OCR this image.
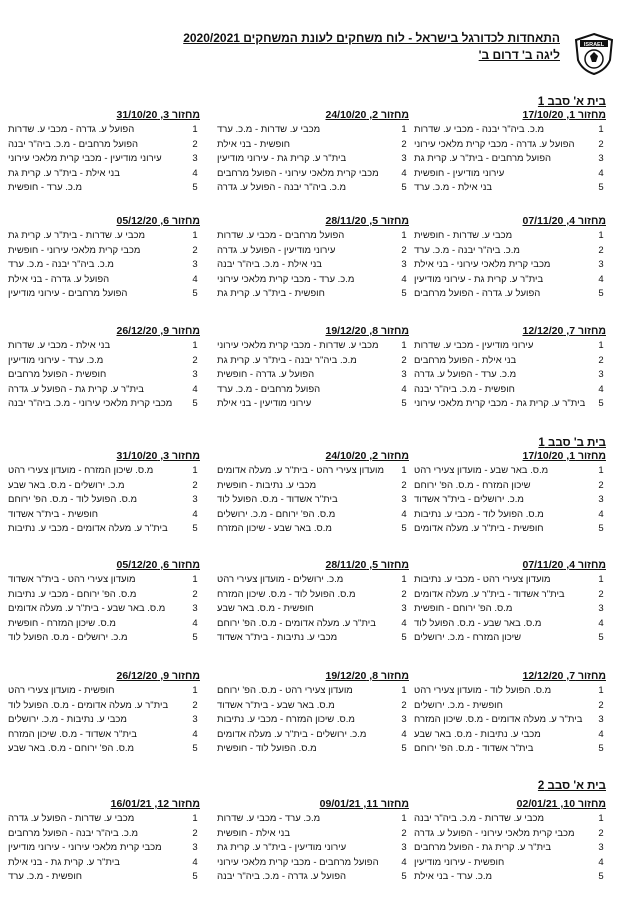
התאחדות לכדורגל בישראל - לוח משחקים לעונת המשחקים 2020/2021
ליגה ב' דרום ב'
ISRAEL
בית א' סבב 1
מחזור 1, 17/10/20
1
מ.כ. ביה"ר יבנה - מכבי ע. שדרות
2
הפועל ע. גדרה - מכבי קרית מלאכי עירוני
3
הפועל מרחבים - בית"ר ע. קרית גת
4
עירוני מודיעין - חופשית
5
בני אילת - מ.כ. ערד
מחזור 2, 24/10/20
1
מכבי ע. שדרות - מ.כ. ערד
2
חופשית - בני אילת
3
בית"ר ע. קרית גת - עירוני מודיעין
4
מכבי קרית מלאכי עירוני - הפועל מרחבים
5
מ.כ. ביה"ר יבנה - הפועל ע. גדרה
מחזור 3, 31/10/20
1
הפועל ע. גדרה - מכבי ע. שדרות
2
הפועל מרחבים - מ.כ. ביה"ר יבנה
3
עירוני מודיעין - מכבי קרית מלאכי עירוני
4
בני אילת - בית"ר ע. קרית גת
5
מ.כ. ערד - חופשית
מחזור 4, 07/11/20
1
מכבי ע. שדרות - חופשית
2
מ.כ. ביה"ר יבנה - מ.כ. ערד
3
מכבי קרית מלאכי עירוני - בני אילת
4
בית"ר ע. קרית גת - עירוני מודיעין
5
הפועל ע. גדרה - הפועל מרחבים
מחזור 5, 28/11/20
1
הפועל מרחבים - מכבי ע. שדרות
2
עירוני מודיעין - הפועל ע. גדרה
3
בני אילת - מ.כ. ביה"ר יבנה
4
מ.כ. ערד - מכבי קרית מלאכי עירוני
5
חופשית - בית"ר ע. קרית גת
מחזור 6, 05/12/20
1
מכבי ע. שדרות - בית"ר ע. קרית גת
2
מכבי קרית מלאכי עירוני - חופשית
3
מ.כ. ביה"ר יבנה - מ.כ. ערד
4
הפועל ע. גדרה - בני אילת
5
הפועל מרחבים - עירוני מודיעין
מחזור 7, 12/12/20
1
עירוני מודיעין - מכבי ע. שדרות
2
בני אילת - הפועל מרחבים
3
מ.כ. ערד - הפועל ע. גדרה
4
חופשית - מ.כ. ביה"ר יבנה
5
בית"ר ע. קרית גת - מכבי קרית מלאכי עירוני
מחזור 8, 19/12/20
1
מכבי ע. שדרות - מכבי קרית מלאכי עירוני
2
מ.כ. ביה"ר יבנה - בית"ר ע. קרית גת
3
הפועל ע. גדרה - חופשית
4
הפועל מרחבים - מ.כ. ערד
5
עירוני מודיעין - בני אילת
מחזור 9, 26/12/20
1
בני אילת - מכבי ע. שדרות
2
מ.כ. ערד - עירוני מודיעין
3
חופשית - הפועל מרחבים
4
בית"ר ע. קרית גת - הפועל ע. גדרה
5
מכבי קרית מלאכי עירוני - מ.כ. ביה"ר יבנה
בית ב' סבב 1
מחזור 1, 17/10/20
1
מ.ס. באר שבע - מועדון צעירי רהט
2
שיכון המזרח - מ.ס. הפ' ירוחם
3
מ.כ. ירושלים - בית"ר אשדוד
4
מ.ס. הפועל לוד - מכבי ע. נתיבות
5
חופשית - בית"ר ע. מעלה אדומים
מחזור 2, 24/10/20
1
מועדון צעירי רהט - בית"ר ע. מעלה אדומים
2
מכבי ע. נתיבות - חופשית
3
בית"ר אשדוד - מ.ס. הפועל לוד
4
מ.ס. הפ' ירוחם - מ.כ. ירושלים
5
מ.ס. באר שבע - שיכון המזרח
מחזור 3, 31/10/20
1
מ.ס. שיכון המזרח - מועדון צעירי רהט
2
מ.כ. ירושלים - מ.ס. באר שבע
3
מ.ס. הפועל לוד - מ.ס. הפ' ירוחם
4
חופשית - בית"ר אשדוד
5
בית"ר ע. מעלה אדומים - מכבי ע. נתיבות
מחזור 4, 07/11/20
1
מועדון צעירי רהט - מכבי ע. נתיבות
2
בית"ר אשדוד - בית"ר ע. מעלה אדומים
3
מ.ס. הפ' ירוחם - חופשית
4
מ.ס. באר שבע - מ.ס. הפועל לוד
5
שיכון המזרח - מ.כ. ירושלים
מחזור 5, 28/11/20
1
מ.כ. ירושלים - מועדון צעירי רהט
2
מ.ס. הפועל לוד - מ.ס. שיכון המזרח
3
חופשית - מ.ס. באר שבע
4
בית"ר ע. מעלה אדומים - מ.ס. הפ' ירוחם
5
מכבי ע. נתיבות - בית"ר אשדוד
מחזור 6, 05/12/20
1
מועדון צעירי רהט - בית"ר אשדוד
2
מ.ס. הפ' ירוחם - מכבי ע. נתיבות
3
מ.ס. באר שבע - בית"ר ע. מעלה אדומים
4
מ.ס. שיכון המזרח - חופשית
5
מ.כ. ירושלים - מ.ס. הפועל לוד
מחזור 7, 12/12/20
1
מ.ס. הפועל לוד - מועדון צעירי רהט
2
חופשית - מ.כ. ירושלים
3
בית"ר ע. מעלה אדומים - מ.ס. שיכון המזרח
4
מכבי ע. נתיבות - מ.ס. באר שבע
5
בית"ר אשדוד - מ.ס. הפ' ירוחם
מחזור 8, 19/12/20
1
מועדון צעירי רהט - מ.ס. הפ' ירוחם
2
מ.ס. באר שבע - בית"ר אשדוד
3
מ.ס. שיכון המזרח - מכבי ע. נתיבות
4
מ.כ. ירושלים - בית"ר ע. מעלה אדומים
5
מ.ס. הפועל לוד - חופשית
מחזור 9, 26/12/20
1
חופשית - מועדון צעירי רהט
2
בית"ר ע. מעלה אדומים - מ.ס. הפועל לוד
3
מכבי ע. נתיבות - מ.כ. ירושלים
4
בית"ר אשדוד - מ.ס. שיכון המזרח
5
מ.ס. הפ' ירוחם - מ.ס. באר שבע
בית א' סבב 2
מחזור 10, 02/01/21
1
מכבי ע. שדרות - מ.כ. ביה"ר יבנה
2
מכבי קרית מלאכי עירוני - הפועל ע. גדרה
3
בית"ר ע. קרית גת - הפועל מרחבים
4
חופשית - עירוני מודיעין
5
מ.כ. ערד - בני אילת
מחזור 11, 09/01/21
1
מ.כ. ערד - מכבי ע. שדרות
2
בני אילת - חופשית
3
עירוני מודיעין - בית"ר ע. קרית גת
4
הפועל מרחבים - מכבי קרית מלאכי עירוני
5
הפועל ע. גדרה - מ.כ. ביה"ר יבנה
מחזור 12, 16/01/21
1
מכבי ע. שדרות - הפועל ע. גדרה
2
מ.כ. ביה"ר יבנה - הפועל מרחבים
3
מכבי קרית מלאכי עירוני - עירוני מודיעין
4
בית"ר ע. קרית גת - בני אילת
5
חופשית - מ.כ. ערד
